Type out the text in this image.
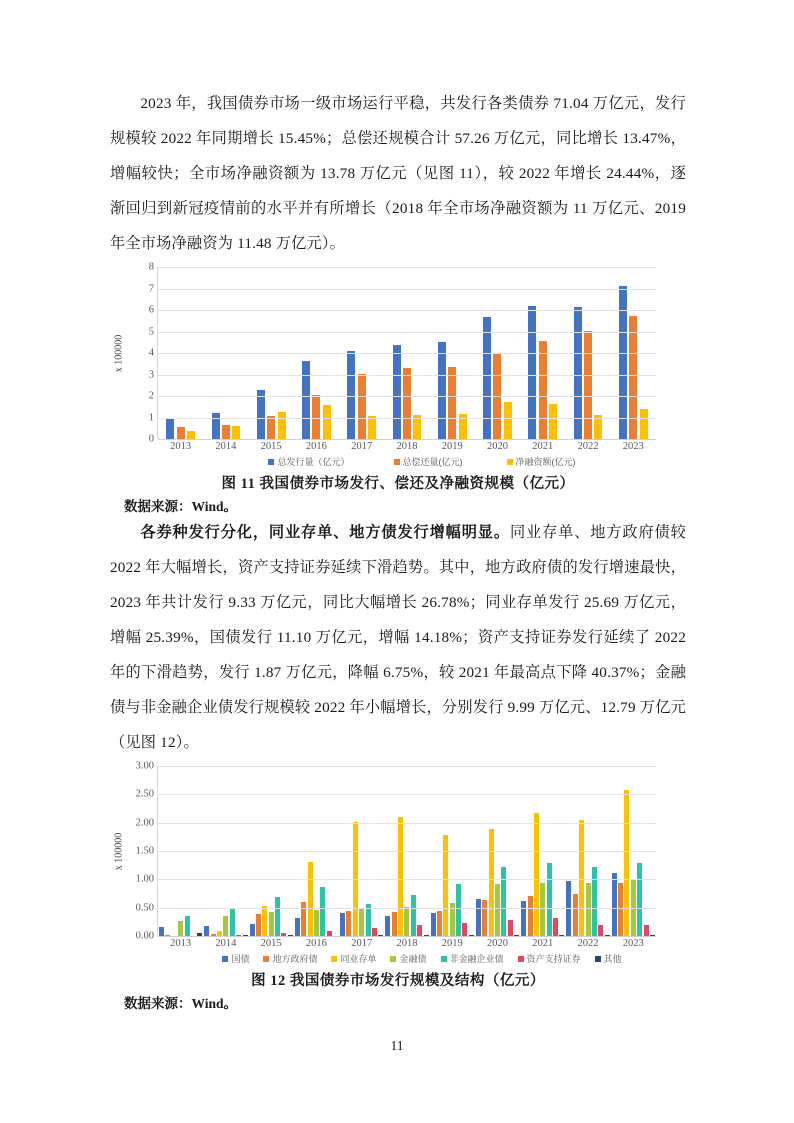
2023 年，我国债券市场一级市场运行平稳，共发行各类债券 71.04 万亿元，发行规模较 2022 年同期增长 15.45%；总偿还规模合计 57.26 万亿元，同比增长 13.47%，增幅较快；全市场净融资额为 13.78 万亿元（见图 11），较 2022 年增长 24.44%，逐渐回归到新冠疫情前的水平并有所增长（2018 年全市场净融资额为 11 万亿元、2019 年全市场净融资为 11.48 万亿元）。

x 100000
0
1
2
3
4
5
6
7
8
2013	2014	2015	2016	2017	2018	2019	2020	2021	2022	2023
总发行量（亿元）	总偿还量(亿元)	净融资额(亿元)

图 11 我国债券市场发行、偿还及净融资规模（亿元）

数据来源：Wind。

各券种发行分化，同业存单、地方债发行增幅明显。同业存单、地方政府债较 2022 年大幅增长，资产支持证券延续下滑趋势。其中，地方政府债的发行增速最快，2023 年共计发行 9.33 万亿元，同比大幅增长 26.78%；同业存单发行 25.69 万亿元，增幅 25.39%，国债发行 11.10 万亿元，增幅 14.18%；资产支持证券发行延续了 2022 年的下滑趋势，发行 1.87 万亿元，降幅 6.75%，较 2021 年最高点下降 40.37%；金融债与非金融企业债发行规模较 2022 年小幅增长，分别发行 9.99 万亿元、12.79 万亿元（见图 12）。

x 100000
0.00
0.50
1.00
1.50
2.00
2.50
3.00
2013	2014	2015	2016	2017	2018	2019	2020	2021	2022	2023
国债	地方政府债	同业存单	金融债	非金融企业债	资产支持证券	其他

图 12 我国债券市场发行规模及结构（亿元）

数据来源：Wind。

11
